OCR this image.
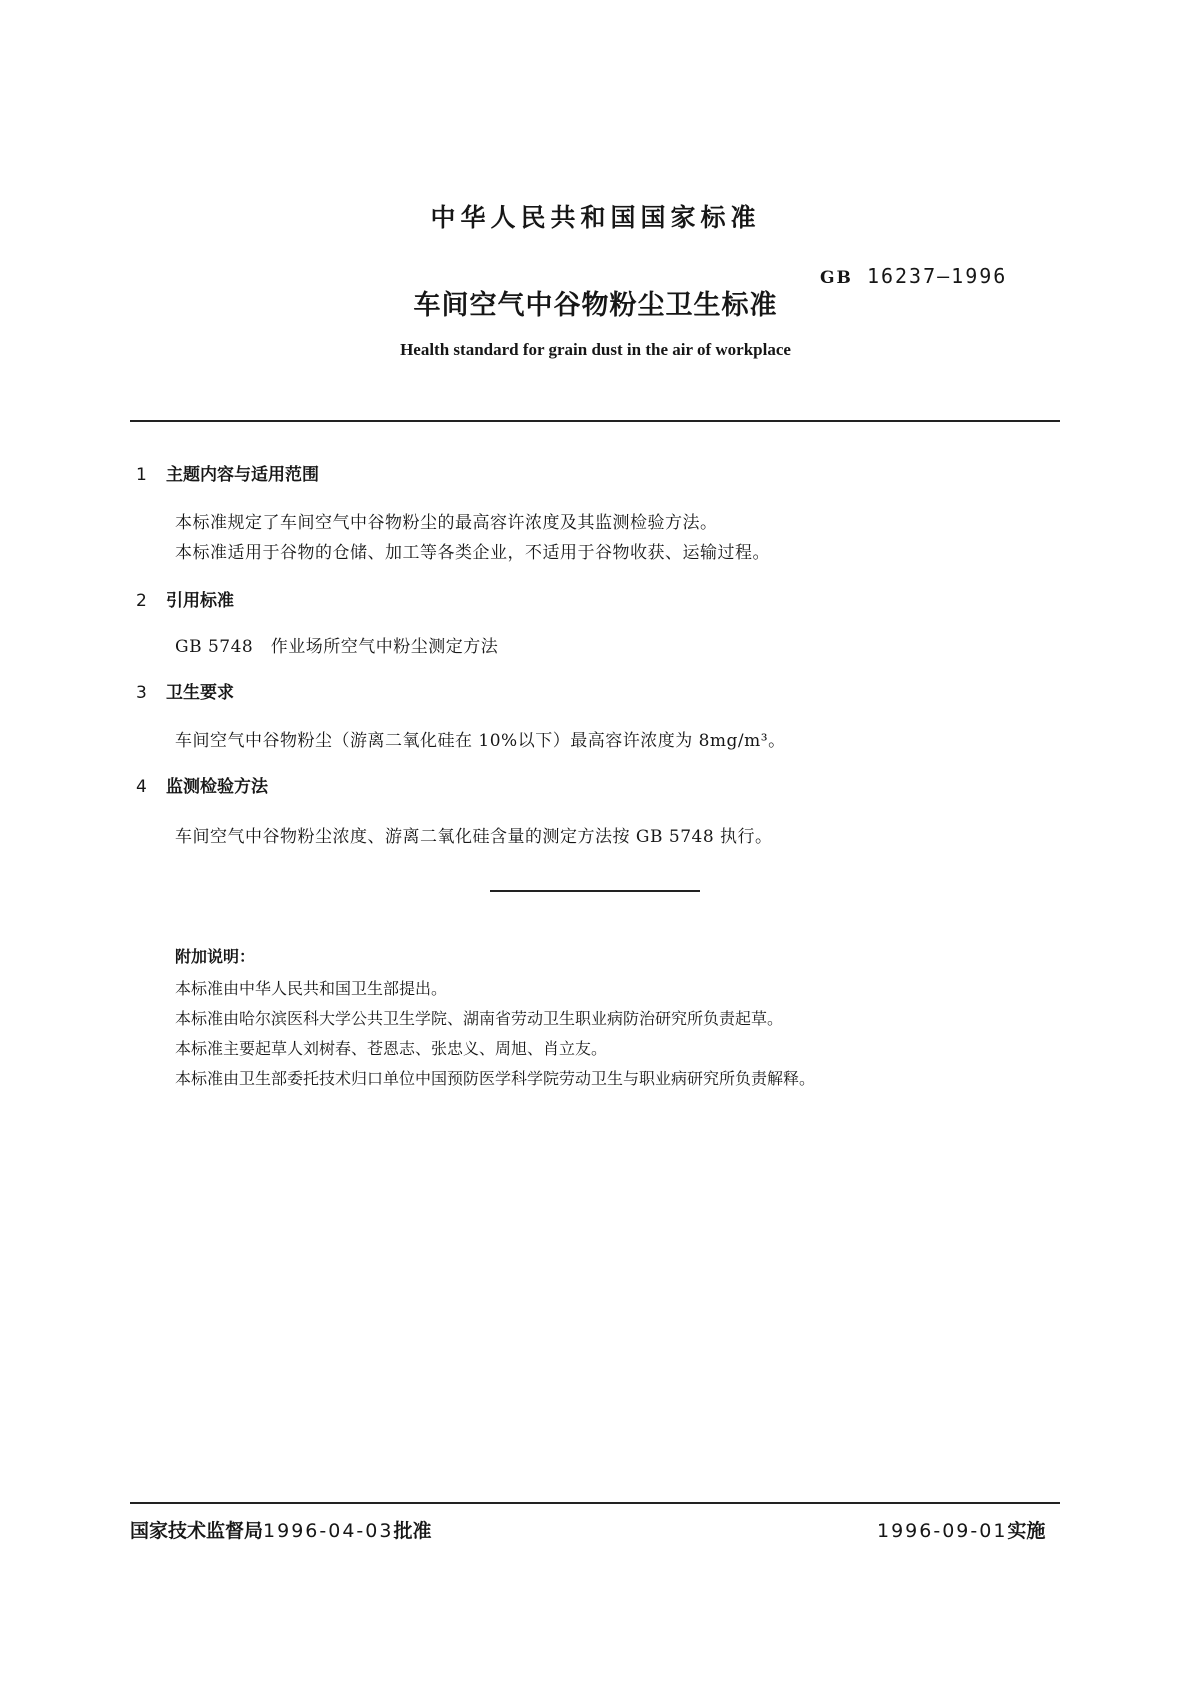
中华人民共和国国家标准
GB 16237—1996
车间空气中谷物粉尘卫生标准
Health standard for grain dust in the air of workplace
1 主题内容与适用范围
本标准规定了车间空气中谷物粉尘的最高容许浓度及其监测检验方法。
本标准适用于谷物的仓储、加工等各类企业，不适用于谷物收获、运输过程。
2 引用标准
GB 5748　作业场所空气中粉尘测定方法
3 卫生要求
车间空气中谷物粉尘（游离二氧化硅在 10%以下）最高容许浓度为 8mg/m³。
4 监测检验方法
车间空气中谷物粉尘浓度、游离二氧化硅含量的测定方法按 GB 5748 执行。
附加说明：
本标准由中华人民共和国卫生部提出。
本标准由哈尔滨医科大学公共卫生学院、湖南省劳动卫生职业病防治研究所负责起草。
本标准主要起草人刘树春、苍恩志、张忠义、周旭、肖立友。
本标准由卫生部委托技术归口单位中国预防医学科学院劳动卫生与职业病研究所负责解释。
国家技术监督局1996-04-03批准	1996-09-01实施
